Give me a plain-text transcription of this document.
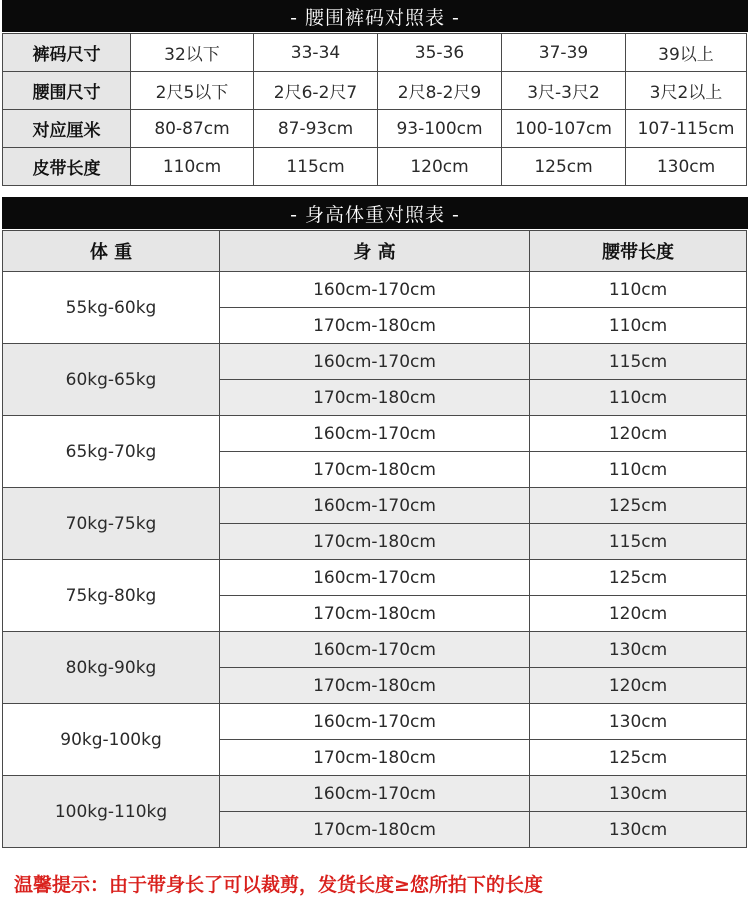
- 腰围裤码对照表 -
裤码尺寸	32以下	33-34	35-36	37-39	39以上
腰围尺寸	2尺5以下	2尺6-2尺7	2尺8-2尺9	3尺-3尺2	3尺2以上
对应厘米	80-87cm	87-93cm	93-100cm	100-107cm	107-115cm
皮带长度	110cm	115cm	120cm	125cm	130cm
- 身高体重对照表 -
体 重	身 高	腰带长度
55kg-60kg	160cm-170cm	110cm
	170cm-180cm	110cm
60kg-65kg	160cm-170cm	115cm
	170cm-180cm	110cm
65kg-70kg	160cm-170cm	120cm
	170cm-180cm	110cm
70kg-75kg	160cm-170cm	125cm
	170cm-180cm	115cm
75kg-80kg	160cm-170cm	125cm
	170cm-180cm	120cm
80kg-90kg	160cm-170cm	130cm
	170cm-180cm	120cm
90kg-100kg	160cm-170cm	130cm
	170cm-180cm	125cm
100kg-110kg	160cm-170cm	130cm
	170cm-180cm	130cm
温馨提示：由于带身长了可以裁剪，发货长度≥您所拍下的长度
